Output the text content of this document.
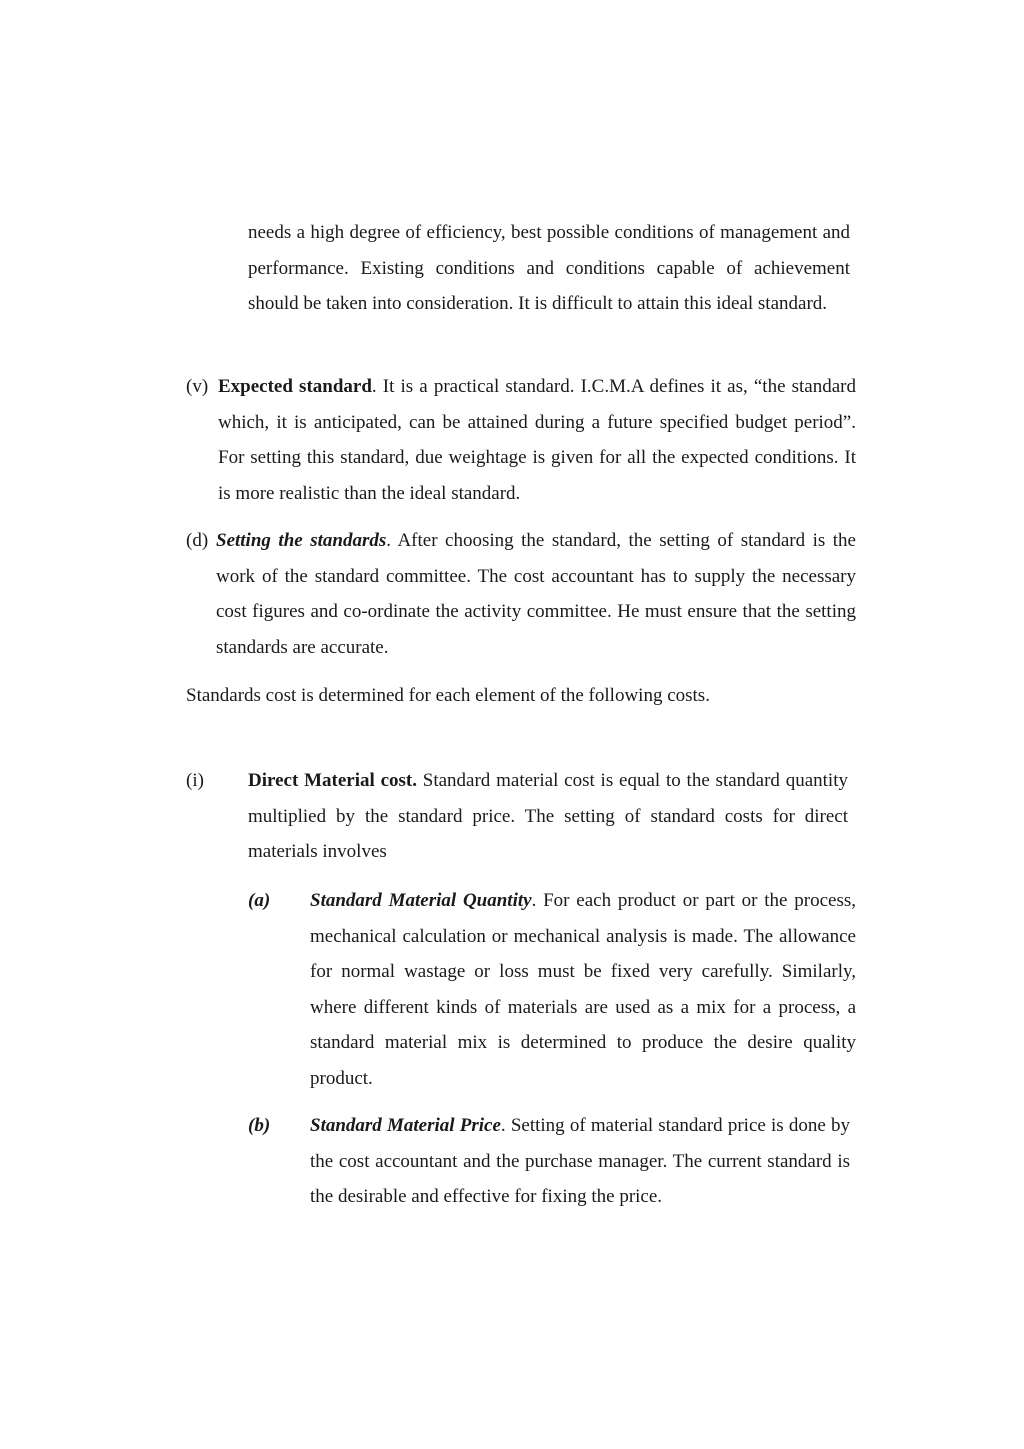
needs a high degree of efficiency, best possible conditions of management and performance. Existing conditions and conditions capable of achievement should be taken into consideration. It is difficult to attain this ideal standard.
(v) Expected standard. It is a practical standard. I.C.M.A defines it as, “the standard which, it is anticipated, can be attained during a future specified budget period”. For setting this standard, due weightage is given for all the expected conditions. It is more realistic than the ideal standard.
(d) Setting the standards. After choosing the standard, the setting of standard is the work of the standard committee. The cost accountant has to supply the necessary cost figures and co-ordinate the activity committee. He must ensure that the setting standards are accurate.
Standards cost is determined for each element of the following costs.
(i) Direct Material cost. Standard material cost is equal to the standard quantity multiplied by the standard price. The setting of standard costs for direct materials involves
(a) Standard Material Quantity. For each product or part or the process, mechanical calculation or mechanical analysis is made. The allowance for normal wastage or loss must be fixed very carefully. Similarly, where different kinds of materials are used as a mix for a process, a standard material mix is determined to produce the desire quality product.
(b) Standard Material Price. Setting of material standard price is done by the cost accountant and the purchase manager. The current standard is the desirable and effective for fixing the price.
